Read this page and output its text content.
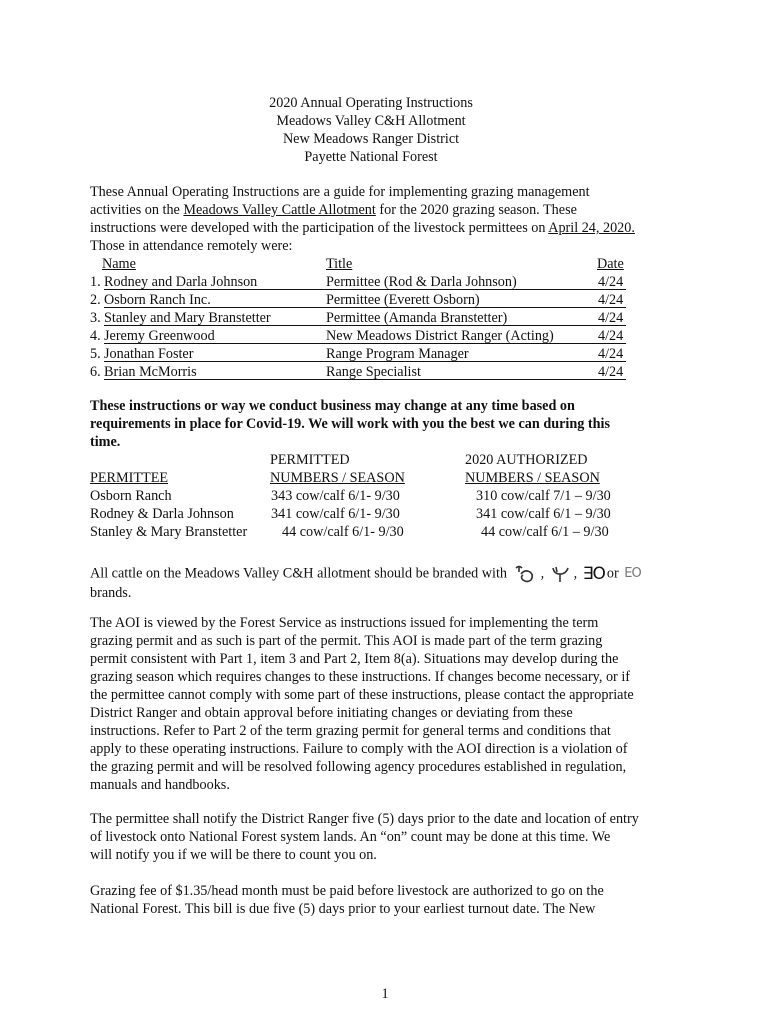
2020 Annual Operating Instructions
Meadows Valley C&H Allotment
New Meadows Ranger District
Payette National Forest
These Annual Operating Instructions are a guide for implementing grazing management
activities on the Meadows Valley Cattle Allotment for the 2020 grazing season. These
instructions were developed with the participation of the livestock permittees on April 24, 2020.
Those in attendance remotely were:
Name	Title	Date
1. Rodney and Darla Johnson	Permittee (Rod & Darla Johnson)	4/24
2. Osborn Ranch Inc.	Permittee (Everett Osborn)	4/24
3. Stanley and Mary Branstetter	Permittee (Amanda Branstetter)	4/24
4. Jeremy Greenwood	New Meadows District Ranger (Acting)	4/24
5. Jonathan Foster	Range Program Manager	4/24
6. Brian McMorris	Range Specialist	4/24
These instructions or way we conduct business may change at any time based on
requirements in place for Covid-19. We will work with you the best we can during this
time.
PERMITTED	2020 AUTHORIZED
PERMITTEE	NUMBERS / SEASON	NUMBERS / SEASON
Osborn Ranch	343 cow/calf 6/1- 9/30	310 cow/calf 7/1 – 9/30
Rodney & Darla Johnson	341 cow/calf 6/1- 9/30	341 cow/calf 6/1 – 9/30
Stanley & Mary Branstetter 44 cow/calf 6/1- 9/30	44 cow/calf 6/1 – 9/30
All cattle on the Meadows Valley C&H allotment should be branded with , , ∃O or EO
brands.
The AOI is viewed by the Forest Service as instructions issued for implementing the term
grazing permit and as such is part of the permit. This AOI is made part of the term grazing
permit consistent with Part 1, item 3 and Part 2, Item 8(a). Situations may develop during the
grazing season which requires changes to these instructions. If changes become necessary, or if
the permittee cannot comply with some part of these instructions, please contact the appropriate
District Ranger and obtain approval before initiating changes or deviating from these
instructions. Refer to Part 2 of the term grazing permit for general terms and conditions that
apply to these operating instructions. Failure to comply with the AOI direction is a violation of
the grazing permit and will be resolved following agency procedures established in regulation,
manuals and handbooks.
The permittee shall notify the District Ranger five (5) days prior to the date and location of entry
of livestock onto National Forest system lands. An “on” count may be done at this time. We
will notify you if we will be there to count you on.
Grazing fee of $1.35/head month must be paid before livestock are authorized to go on the
National Forest. This bill is due five (5) days prior to your earliest turnout date. The New
1
